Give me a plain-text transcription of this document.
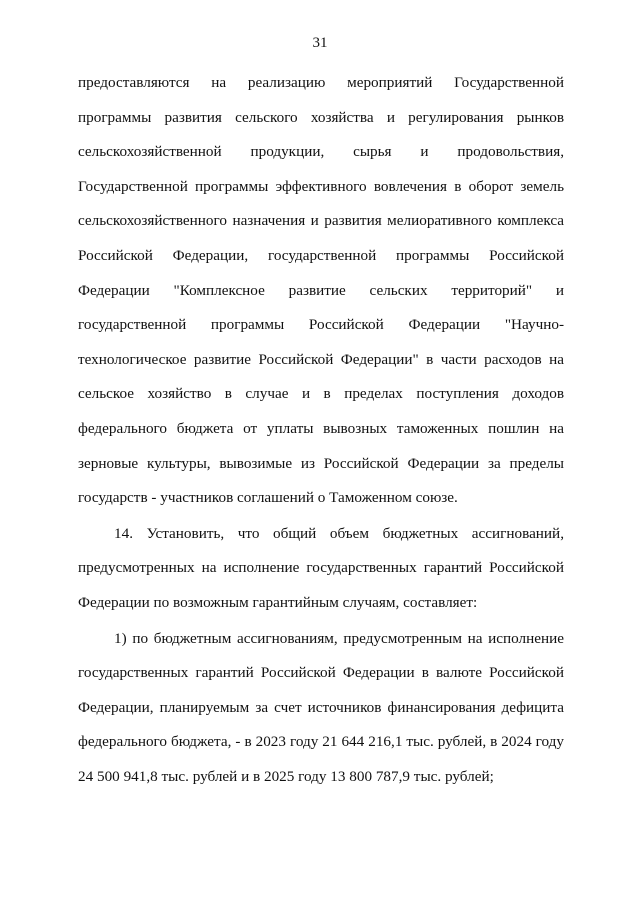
31
предоставляются на реализацию мероприятий Государственной
программы развития сельского хозяйства и регулирования рынков
сельскохозяйственной продукции, сырья и продовольствия,
Государственной программы эффективного вовлечения в оборот земель
сельскохозяйственного назначения и развития мелиоративного комплекса
Российской Федерации, государственной программы Российской
Федерации "Комплексное развитие сельских территорий" и
государственной программы Российской Федерации "Научно-
технологическое развитие Российской Федерации" в части расходов на
сельское хозяйство в случае и в пределах поступления доходов
федерального бюджета от уплаты вывозных таможенных пошлин на
зерновые культуры, вывозимые из Российской Федерации за пределы
государств - участников соглашений о Таможенном союзе.
14. Установить, что общий объем бюджетных ассигнований,
предусмотренных на исполнение государственных гарантий Российской
Федерации по возможным гарантийным случаям, составляет:
1) по бюджетным ассигнованиям, предусмотренным на исполнение
государственных гарантий Российской Федерации в валюте Российской
Федерации, планируемым за счет источников финансирования дефицита
федерального бюджета, - в 2023 году 21 644 216,1 тыс. рублей, в 2024 году
24 500 941,8 тыс. рублей и в 2025 году 13 800 787,9 тыс. рублей;
